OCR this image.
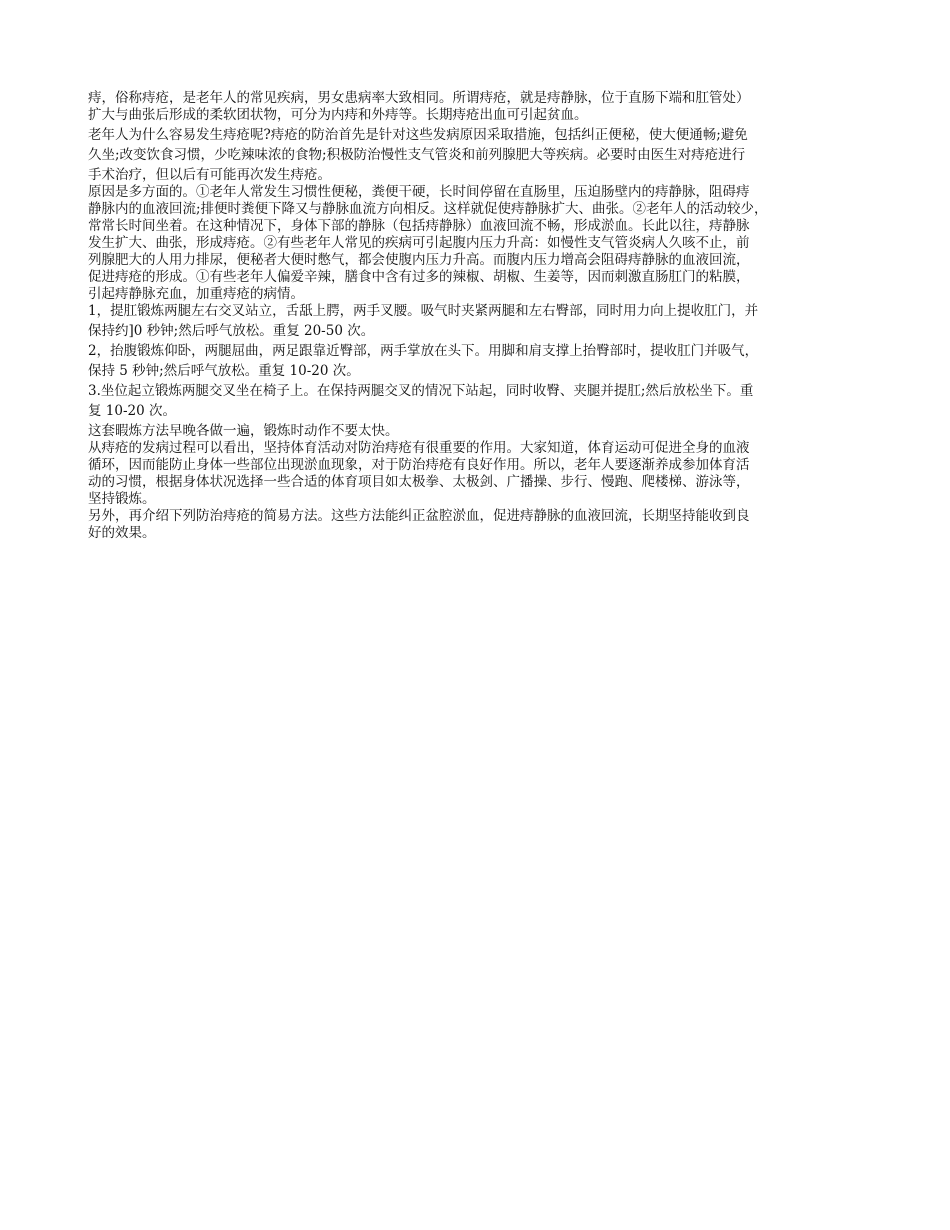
痔，俗称痔疮，是老年人的常见疾病，男女患病率大致相同。所谓痔疮，就是痔静脉，位于直肠下端和肛管处）
扩大与曲张后形成的柔软团状物，可分为内痔和外痔等。长期痔疮出血可引起贫血。
老年人为什么容易发生痔疮呢?痔疮的防治首先是针对这些发病原因采取措施，包括纠正便秘，使大便通畅;避免
久坐;改变饮食习惯，少吃辣味浓的食物;积极防治慢性支气管炎和前列腺肥大等疾病。必要时由医生对痔疮进行
手术治疗，但以后有可能再次发生痔疮。
原因是多方面的。①老年人常发生习惯性便秘，粪便干硬，长时间停留在直肠里，压迫肠壁内的痔静脉，阻碍痔
静脉内的血液回流;排便时粪便下降又与静脉血流方向相反。这样就促使痔静脉扩大、曲张。②老年人的活动较少，
常常长时间坐着。在这种情况下，身体下部的静脉（包括痔静脉）血液回流不畅，形成淤血。长此以往，痔静脉
发生扩大、曲张，形成痔疮。②有些老年人常见的疾病可引起腹内压力升高：如慢性支气管炎病人久咳不止，前
列腺肥大的人用力排尿，便秘者大便时憋气，都会使腹内压力升高。而腹内压力增高会阻碍痔静脉的血液回流，
促进痔疮的形成。①有些老年人偏爱辛辣，膳食中含有过多的辣椒、胡椒、生姜等，因而刺激直肠肛门的粘膜，
引起痔静脉充血，加重痔疮的病情。
1，提肛锻炼两腿左右交叉站立，舌舐上腭，两手叉腰。吸气时夹紧两腿和左右臀部，同时用力向上提收肛门，并
保持约]0 秒钟;然后呼气放松。重复 20-50 次。
2，抬腹锻炼仰卧，两腿屈曲，两足跟靠近臀部，两手掌放在头下。用脚和肩支撑上抬臀部时，提收肛门并吸气，
保持 5 秒钟;然后呼气放松。重复 10-20 次。
3.坐位起立锻炼两腿交叉坐在椅子上。在保持两腿交叉的情况下站起，同时收臀、夹腿并提肛;然后放松坐下。重
复 10-20 次。
这套暇炼方法早晚各做一遍，锻炼时动作不要太快。
从痔疮的发病过程可以看出，坚持体育活动对防治痔疮有很重要的作用。大家知道，体育运动可促进全身的血液
循环，因而能防止身体一些部位出现淤血现象，对于防治痔疮有良好作用。所以，老年人要逐渐养成参加体育活
动的习惯，根据身体状况选择一些合适的体育项目如太极拳、太极剑、广播操、步行、慢跑、爬楼梯、游泳等，
坚持锻炼。
另外，再介绍下列防治痔疮的简易方法。这些方法能纠正盆腔淤血，促进痔静脉的血液回流，长期坚持能收到良
好的效果。
